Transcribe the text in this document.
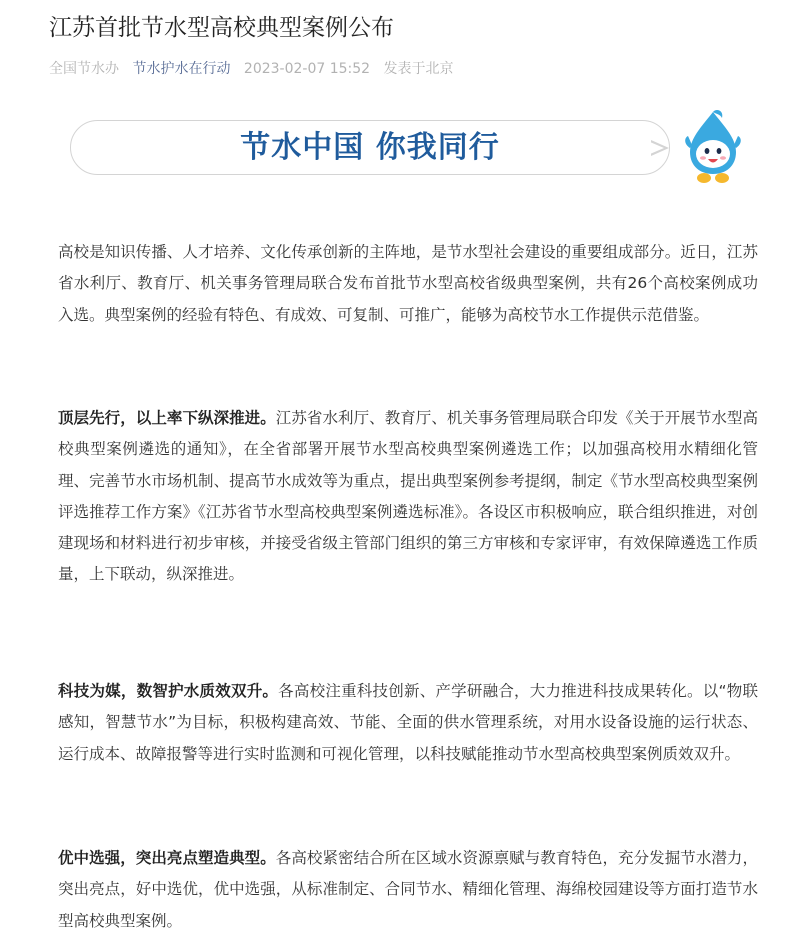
江苏首批节水型高校典型案例公布
全国节水办 节水护水在行动 2023-02-07 15:52 发表于北京
节水中国 你我同行

高校是知识传播、人才培养、文化传承创新的主阵地，是节水型社会建设的重要组成部分。近日，江苏省水利厅、教育厅、机关事务管理局联合发布首批节水型高校省级典型案例，共有26个高校案例成功入选。典型案例的经验有特色、有成效、可复制、可推广，能够为高校节水工作提供示范借鉴。

顶层先行，以上率下纵深推进。江苏省水利厅、教育厅、机关事务管理局联合印发《关于开展节水型高校典型案例遴选的通知》，在全省部署开展节水型高校典型案例遴选工作；以加强高校用水精细化管理、完善节水市场机制、提高节水成效等为重点，提出典型案例参考提纲，制定《节水型高校典型案例评选推荐工作方案》《江苏省节水型高校典型案例遴选标准》。各设区市积极响应，联合组织推进，对创建现场和材料进行初步审核，并接受省级主管部门组织的第三方审核和专家评审，有效保障遴选工作质量，上下联动，纵深推进。

科技为媒，数智护水质效双升。各高校注重科技创新、产学研融合，大力推进科技成果转化。以“物联感知，智慧节水”为目标，积极构建高效、节能、全面的供水管理系统，对用水设备设施的运行状态、运行成本、故障报警等进行实时监测和可视化管理，以科技赋能推动节水型高校典型案例质效双升。

优中选强，突出亮点塑造典型。各高校紧密结合所在区域水资源禀赋与教育特色，充分发掘节水潜力，突出亮点，好中选优，优中选强，从标准制定、合同节水、精细化管理、海绵校园建设等方面打造节水型高校典型案例。
